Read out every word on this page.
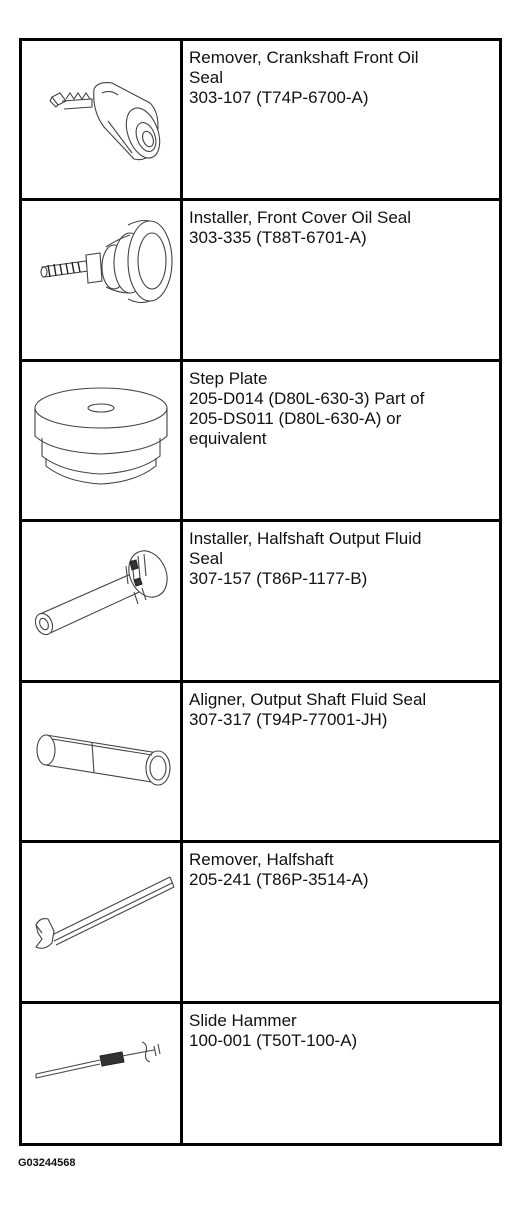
Remover, Crankshaft Front Oil
Seal
303-107 (T74P-6700-A)
Installer, Front Cover Oil Seal
303-335 (T88T-6701-A)
Step Plate
205-D014 (D80L-630-3) Part of
205-DS011 (D80L-630-A) or
equivalent
Installer, Halfshaft Output Fluid
Seal
307-157 (T86P-1177-B)
Aligner, Output Shaft Fluid Seal
307-317 (T94P-77001-JH)
Remover, Halfshaft
205-241 (T86P-3514-A)
Slide Hammer
100-001 (T50T-100-A)
G03244568
